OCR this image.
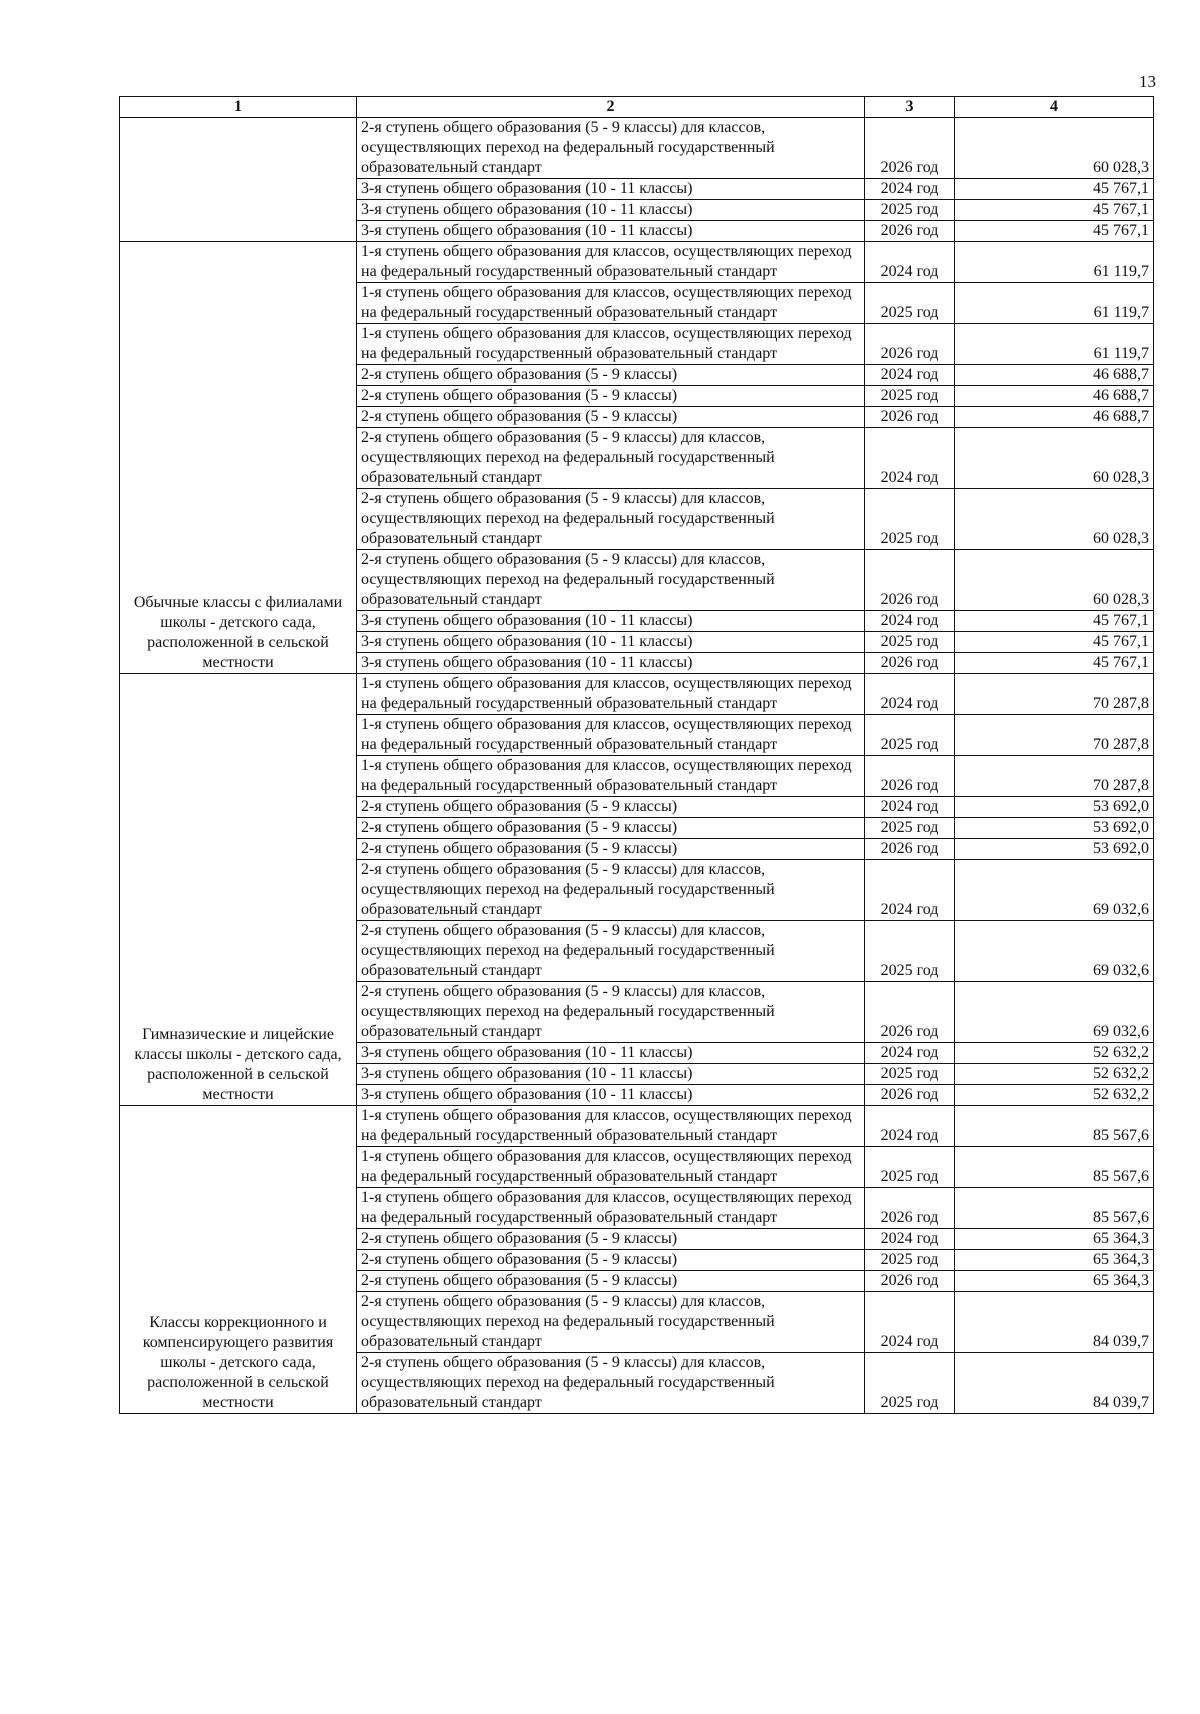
13
1	2	3	4
	2-я ступень общего образования (5 - 9 классы) для классов, осуществляющих переход на федеральный государственный образовательный стандарт	2026 год	60 028,3
	3-я ступень общего образования (10 - 11 классы)	2024 год	45 767,1
	3-я ступень общего образования (10 - 11 классы)	2025 год	45 767,1
	3-я ступень общего образования (10 - 11 классы)	2026 год	45 767,1
Обычные классы с филиалами школы - детского сада, расположенной в сельской местности	1-я ступень общего образования для классов, осуществляющих переход на федеральный государственный образовательный стандарт	2024 год	61 119,7
	1-я ступень общего образования для классов, осуществляющих переход на федеральный государственный образовательный стандарт	2025 год	61 119,7
	1-я ступень общего образования для классов, осуществляющих переход на федеральный государственный образовательный стандарт	2026 год	61 119,7
	2-я ступень общего образования (5 - 9 классы)	2024 год	46 688,7
	2-я ступень общего образования (5 - 9 классы)	2025 год	46 688,7
	2-я ступень общего образования (5 - 9 классы)	2026 год	46 688,7
	2-я ступень общего образования (5 - 9 классы) для классов, осуществляющих переход на федеральный государственный образовательный стандарт	2024 год	60 028,3
	2-я ступень общего образования (5 - 9 классы) для классов, осуществляющих переход на федеральный государственный образовательный стандарт	2025 год	60 028,3
	2-я ступень общего образования (5 - 9 классы) для классов, осуществляющих переход на федеральный государственный образовательный стандарт	2026 год	60 028,3
	3-я ступень общего образования (10 - 11 классы)	2024 год	45 767,1
	3-я ступень общего образования (10 - 11 классы)	2025 год	45 767,1
	3-я ступень общего образования (10 - 11 классы)	2026 год	45 767,1
Гимназические и лицейские классы школы - детского сада, расположенной в сельской местности	1-я ступень общего образования для классов, осуществляющих переход на федеральный государственный образовательный стандарт	2024 год	70 287,8
	1-я ступень общего образования для классов, осуществляющих переход на федеральный государственный образовательный стандарт	2025 год	70 287,8
	1-я ступень общего образования для классов, осуществляющих переход на федеральный государственный образовательный стандарт	2026 год	70 287,8
	2-я ступень общего образования (5 - 9 классы)	2024 год	53 692,0
	2-я ступень общего образования (5 - 9 классы)	2025 год	53 692,0
	2-я ступень общего образования (5 - 9 классы)	2026 год	53 692,0
	2-я ступень общего образования (5 - 9 классы) для классов, осуществляющих переход на федеральный государственный образовательный стандарт	2024 год	69 032,6
	2-я ступень общего образования (5 - 9 классы) для классов, осуществляющих переход на федеральный государственный образовательный стандарт	2025 год	69 032,6
	2-я ступень общего образования (5 - 9 классы) для классов, осуществляющих переход на федеральный государственный образовательный стандарт	2026 год	69 032,6
	3-я ступень общего образования (10 - 11 классы)	2024 год	52 632,2
	3-я ступень общего образования (10 - 11 классы)	2025 год	52 632,2
	3-я ступень общего образования (10 - 11 классы)	2026 год	52 632,2
Классы коррекционного и компенсирующего развития школы - детского сада, расположенной в сельской местности	1-я ступень общего образования для классов, осуществляющих переход на федеральный государственный образовательный стандарт	2024 год	85 567,6
	1-я ступень общего образования для классов, осуществляющих переход на федеральный государственный образовательный стандарт	2025 год	85 567,6
	1-я ступень общего образования для классов, осуществляющих переход на федеральный государственный образовательный стандарт	2026 год	85 567,6
	2-я ступень общего образования (5 - 9 классы)	2024 год	65 364,3
	2-я ступень общего образования (5 - 9 классы)	2025 год	65 364,3
	2-я ступень общего образования (5 - 9 классы)	2026 год	65 364,3
	2-я ступень общего образования (5 - 9 классы) для классов, осуществляющих переход на федеральный государственный образовательный стандарт	2024 год	84 039,7
	2-я ступень общего образования (5 - 9 классы) для классов, осуществляющих переход на федеральный государственный образовательный стандарт	2025 год	84 039,7
